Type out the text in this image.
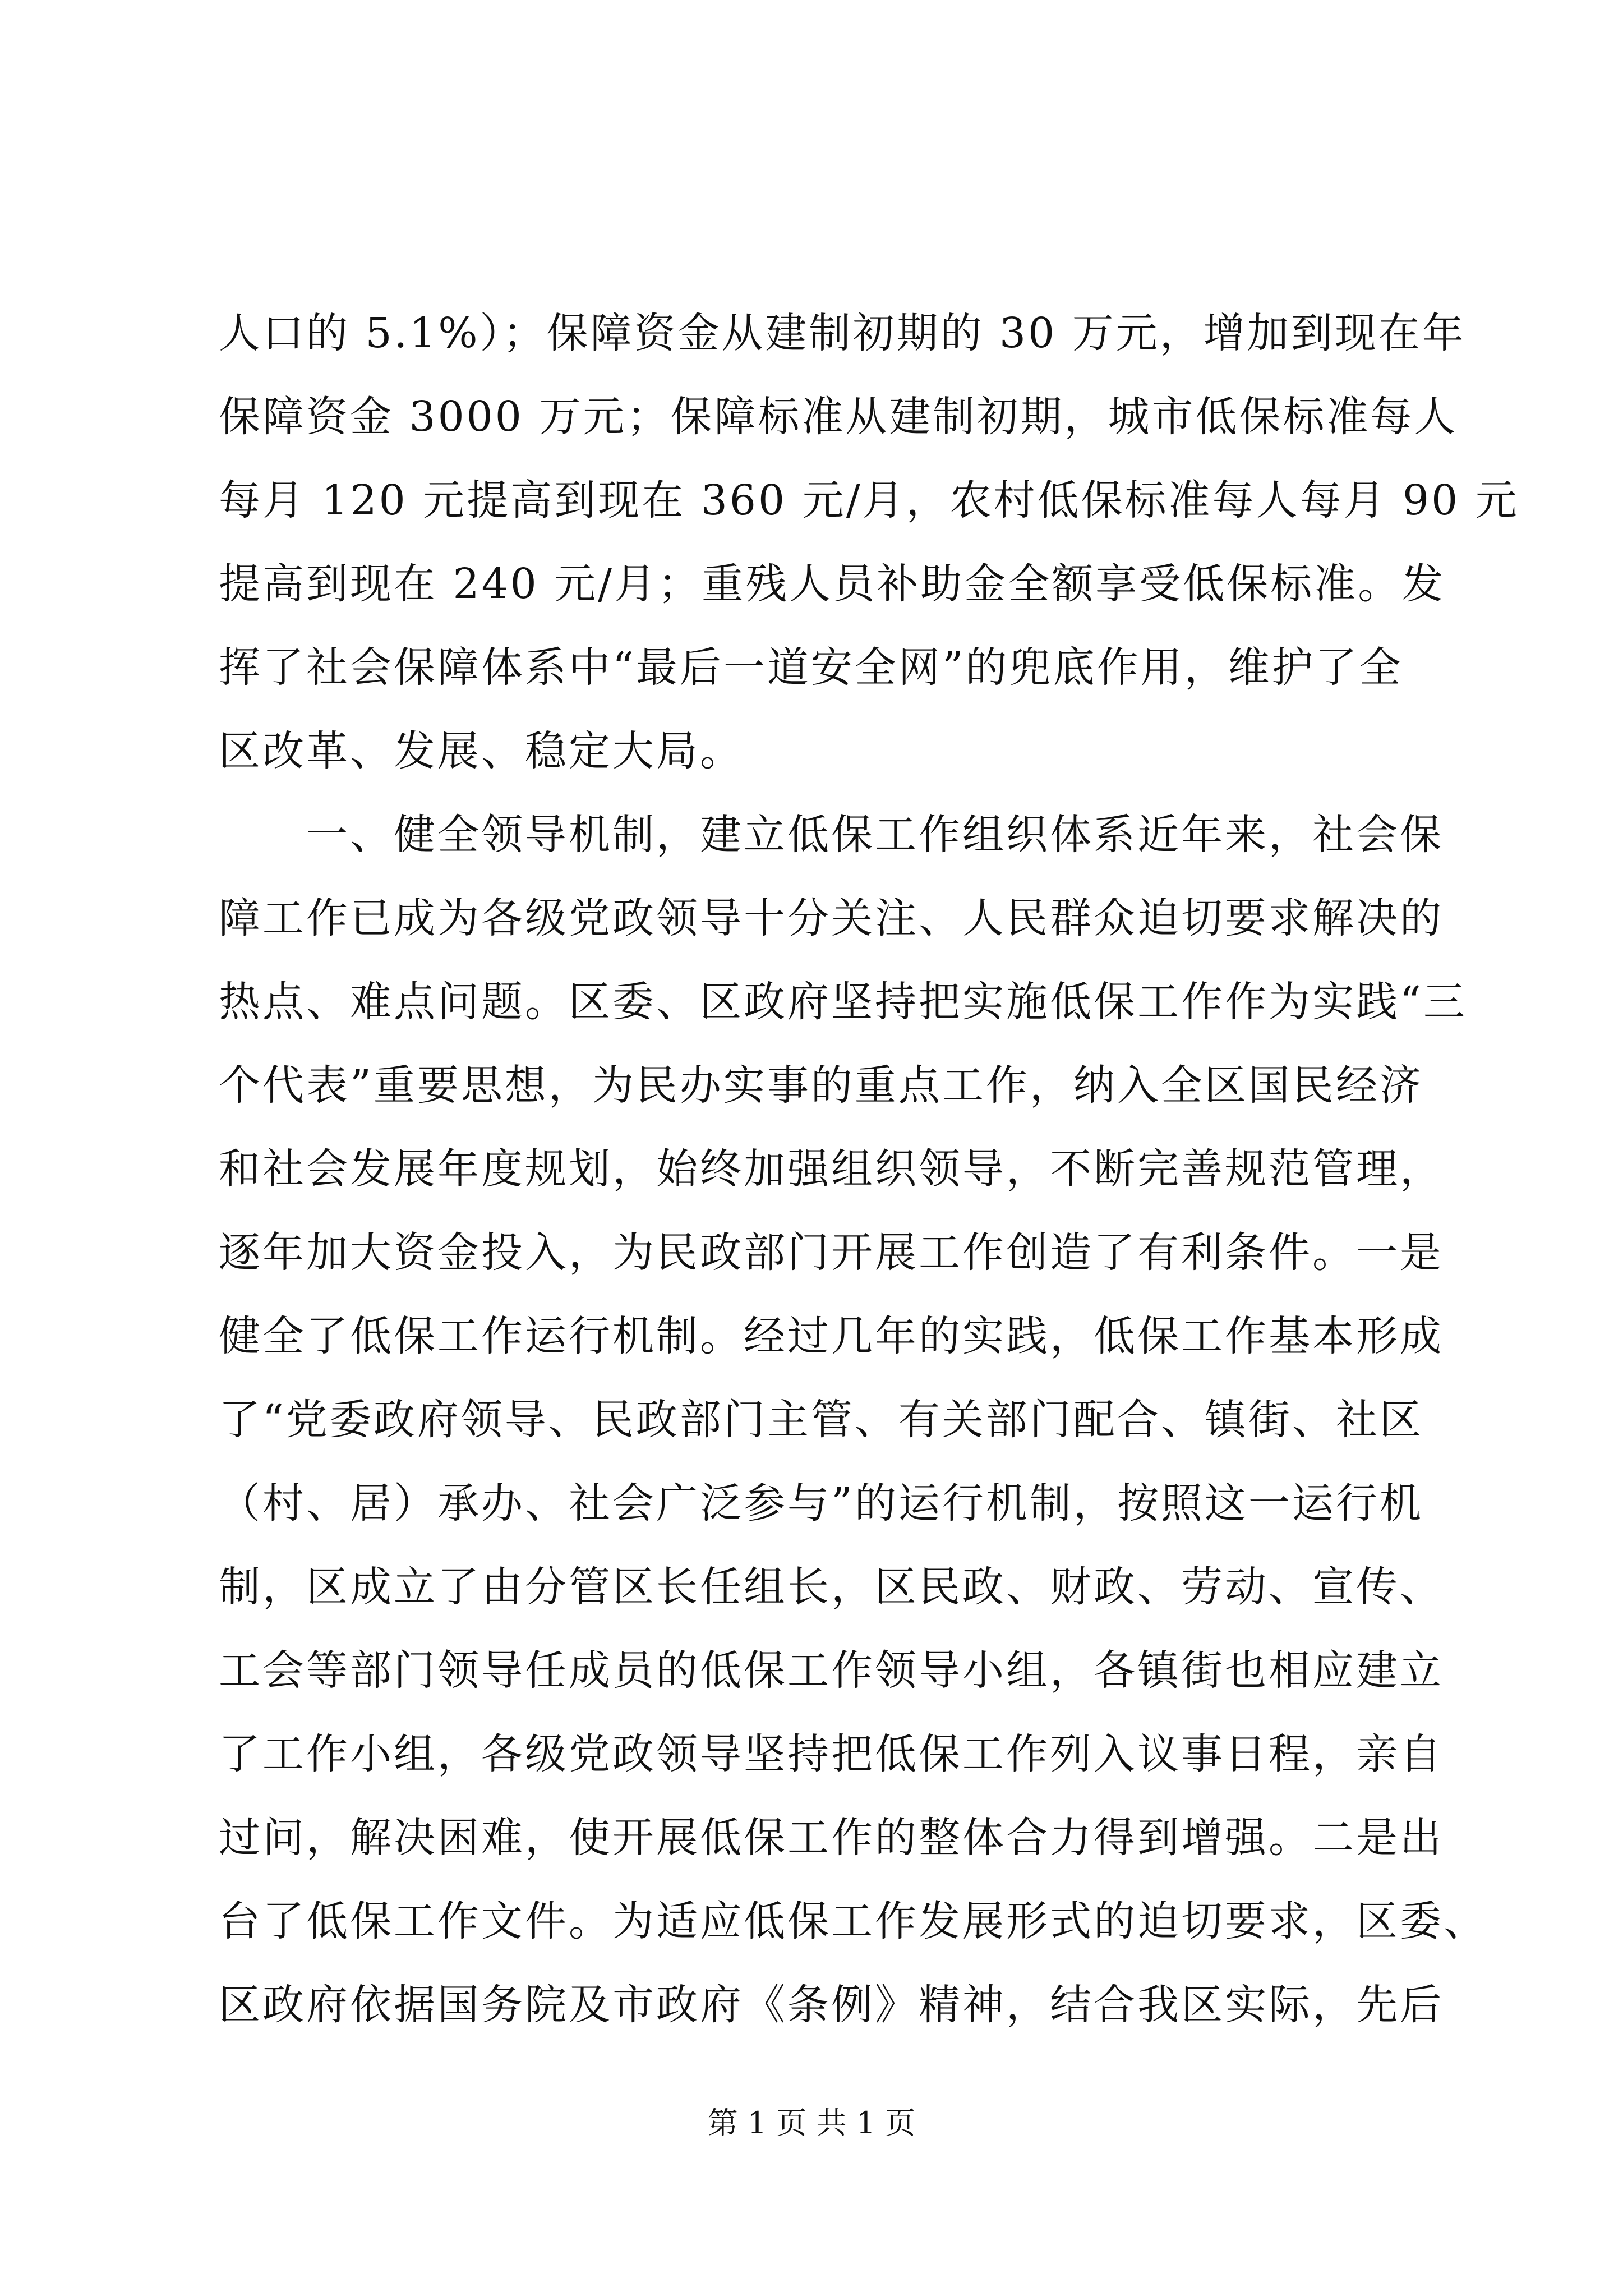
人口的 5.1%）；保障资金从建制初期的 30 万元，增加到现在年
保障资金 3000 万元；保障标准从建制初期，城市低保标准每人
每月 120 元提高到现在 360 元/月，农村低保标准每人每月 90 元
提高到现在 240 元/月；重残人员补助金全额享受低保标准。发
挥了社会保障体系中“最后一道安全网”的兜底作用，维护了全
区改革、发展、稳定大局。
　　一、健全领导机制，建立低保工作组织体系近年来，社会保
障工作已成为各级党政领导十分关注、人民群众迫切要求解决的
热点、难点问题。区委、区政府坚持把实施低保工作作为实践“三
个代表”重要思想，为民办实事的重点工作，纳入全区国民经济
和社会发展年度规划，始终加强组织领导，不断完善规范管理，
逐年加大资金投入，为民政部门开展工作创造了有利条件。一是
健全了低保工作运行机制。经过几年的实践，低保工作基本形成
了“党委政府领导、民政部门主管、有关部门配合、镇街、社区
（村、居）承办、社会广泛参与”的运行机制，按照这一运行机
制，区成立了由分管区长任组长，区民政、财政、劳动、宣传、
工会等部门领导任成员的低保工作领导小组，各镇街也相应建立
了工作小组，各级党政领导坚持把低保工作列入议事日程，亲自
过问，解决困难，使开展低保工作的整体合力得到增强。二是出
台了低保工作文件。为适应低保工作发展形式的迫切要求，区委、
区政府依据国务院及市政府《条例》精神，结合我区实际，先后
第 1 页 共 1 页
